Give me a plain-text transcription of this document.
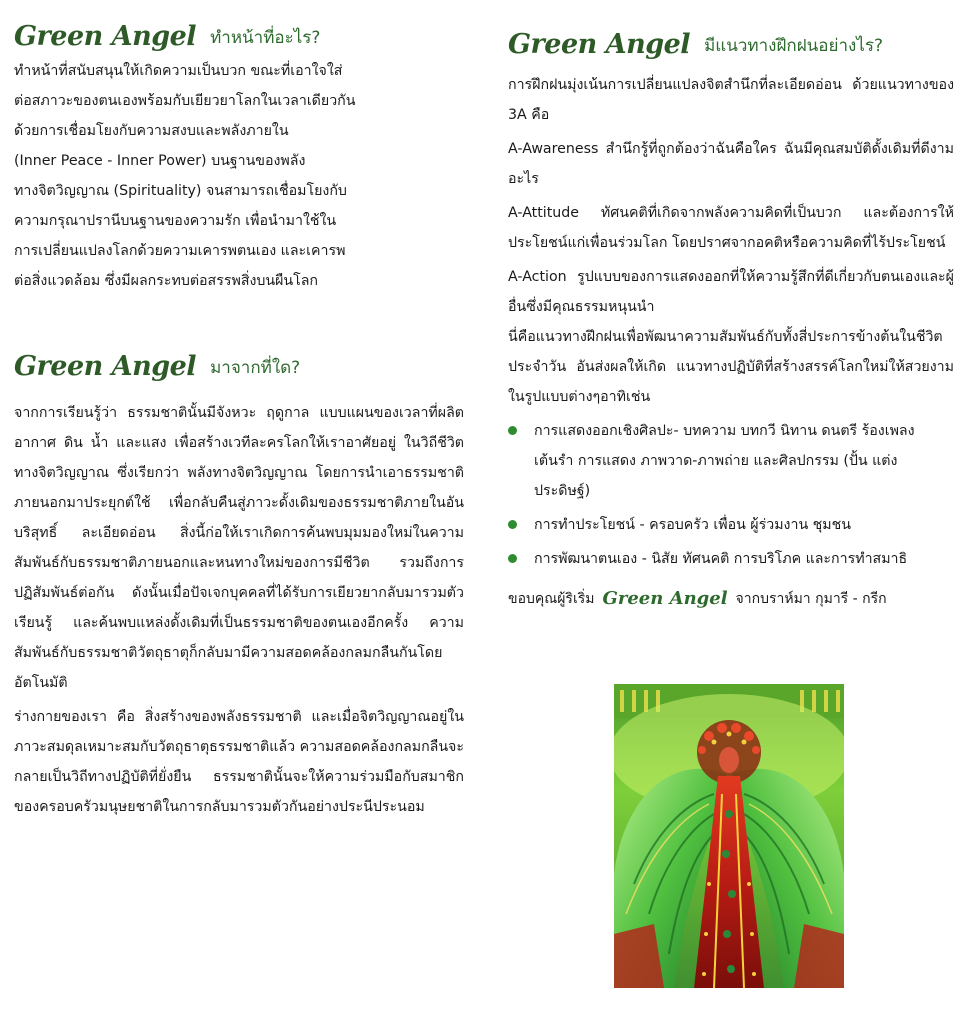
Green Angel ทำหน้าที่อะไร?

ทำหน้าที่สนับสนุนให้เกิดความเป็นบวก ขณะที่เอาใจใส่
ต่อสภาวะของตนเองพร้อมกับเยียวยาโลกในเวลาเดียวกัน
ด้วยการเชื่อมโยงกับความสงบและพลังภายใน
(Inner Peace - Inner Power) บนฐานของพลัง
ทางจิตวิญญาณ (Spirituality) จนสามารถเชื่อมโยงกับ
ความกรุณาปรานีบนฐานของความรัก เพื่อนำมาใช้ใน
การเปลี่ยนแปลงโลกด้วยความเคารพตนเอง และเคารพ
ต่อสิ่งแวดล้อม ซึ่งมีผลกระทบต่อสรรพสิ่งบนผืนโลก

Green Angel มาจากที่ใด?

จากการเรียนรู้ว่า ธรรมชาตินั้นมีจังหวะ ฤดูกาล แบบแผนของเวลาที่ผลิต อากาศ ดิน น้ำ และแสง เพื่อสร้างเวทีละครโลกให้เราอาศัยอยู่ ในวิถีชีวิตทางจิตวิญญาณ ซึ่งเรียกว่า พลังทางจิตวิญญาณ โดยการนำเอาธรรมชาติภายนอกมาประยุกต์ใช้ เพื่อกลับคืนสู่ภาวะดั้งเดิมของธรรมชาติภายในอันบริสุทธิ์ ละเอียดอ่อน สิ่งนี้ก่อให้เราเกิดการค้นพบมุมมองใหม่ในความสัมพันธ์กับธรรมชาติภายนอกและหนทางใหม่ของการมีชีวิต รวมถึงการปฏิสัมพันธ์ต่อกัน ดังนั้นเมื่อปัจเจกบุคคลที่ได้รับการเยียวยากลับมารวมตัวเรียนรู้ และค้นพบแหล่งดั้งเดิมที่เป็นธรรมชาติของตนเองอีกครั้ง ความสัมพันธ์กับธรรมชาติวัตถุธาตุก็กลับมามีความสอดคล้องกลมกลืนกันโดยอัตโนมัติ

ร่างกายของเรา คือ สิ่งสร้างของพลังธรรมชาติ และเมื่อจิตวิญญาณอยู่ในภาวะสมดุลเหมาะสมกับวัตถุธาตุธรรมชาติแล้ว ความสอดคล้องกลมกลืนจะกลายเป็นวิถีทางปฏิบัติที่ยั่งยืน ธรรมชาตินั้นจะให้ความร่วมมือกับสมาชิกของครอบครัวมนุษยชาติในการกลับมารวมตัวกันอย่างประนีประนอม

Green Angel มีแนวทางฝึกฝนอย่างไร?

การฝึกฝนมุ่งเน้นการเปลี่ยนแปลงจิตสำนึกที่ละเอียดอ่อน ด้วยแนวทางของ 3A คือ

A-Awareness สำนึกรู้ที่ถูกต้องว่าฉันคือใคร ฉันมีคุณสมบัติดั้งเดิมที่ดีงามอะไร

A-Attitude ทัศนคติที่เกิดจากพลังความคิดที่เป็นบวก และต้องการให้ประโยชน์แก่เพื่อนร่วมโลก โดยปราศจากอคติหรือความคิดที่ไร้ประโยชน์

A-Action รูปแบบของการแสดงออกที่ให้ความรู้สึกที่ดีเกี่ยวกับตนเองและผู้อื่นซึ่งมีคุณธรรมหนุนนำ

นี่คือแนวทางฝึกฝนเพื่อพัฒนาความสัมพันธ์กับทั้งสี่ประการข้างต้นในชีวิตประจำวัน อันส่งผลให้เกิด แนวทางปฏิบัติที่สร้างสรรค์โลกใหม่ให้สวยงามในรูปแบบต่างๆอาทิเช่น

การแสดงออกเชิงศิลปะ- บทความ บทกวี นิทาน ดนตรี ร้องเพลง เต้นรำ การแสดง ภาพวาด-ภาพถ่าย และศิลปกรรม (ปั้น แต่ง ประดิษฐ์)
การทำประโยชน์ - ครอบครัว เพื่อน ผู้ร่วมงาน ชุมชน
การพัฒนาตนเอง - นิสัย ทัศนคติ การบริโภค และการทำสมาธิ
ขอบคุณผู้ริเริ่ม Green Angel จากบราห์มา กุมารี - กรีก
